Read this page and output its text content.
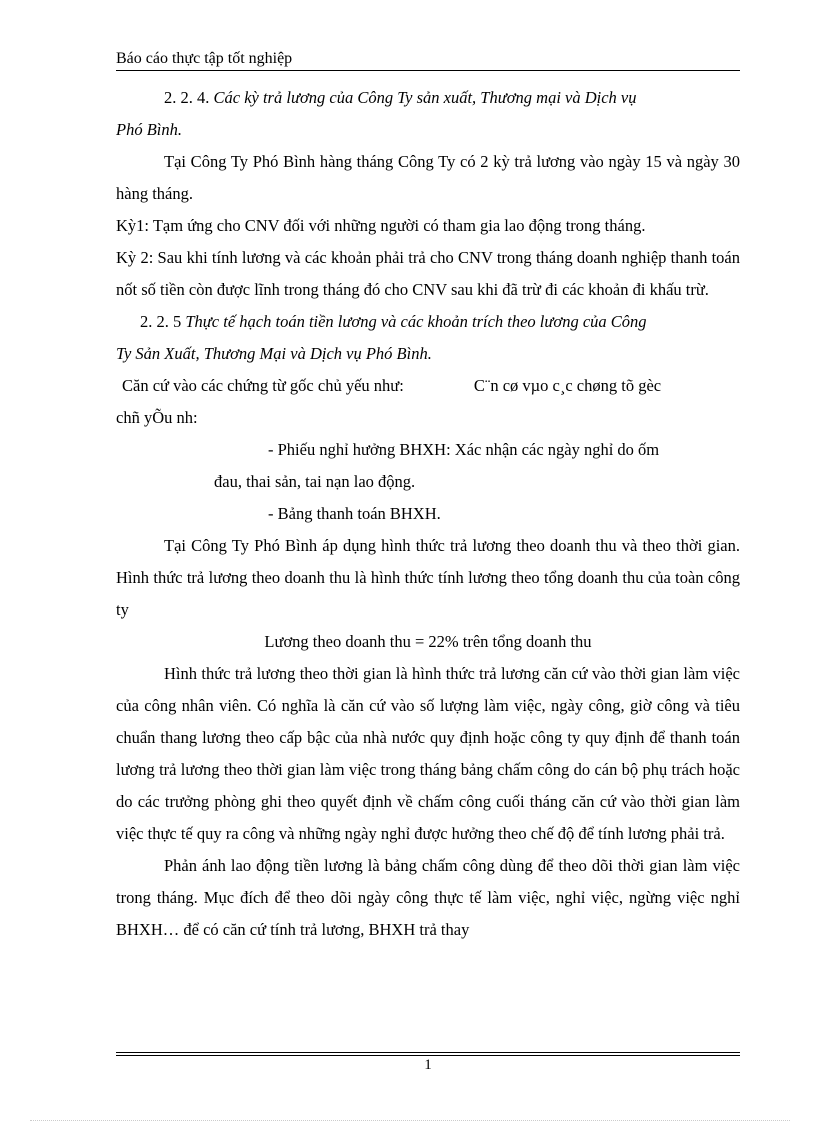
Báo cáo thực tập tốt nghiệp

2. 2. 4. Các kỳ trả lương của Công Ty sản xuất, Thương mại và Dịch vụ

Phó Bình.

Tại Công Ty Phó Bình hàng tháng Công Ty có 2 kỳ trả lương vào ngày 15 và ngày 30 hàng tháng.

Kỳ1: Tạm ứng cho CNV đối với những người có tham gia lao động trong tháng.

Kỳ 2: Sau khi tính lương và các khoản phải trả cho CNV trong tháng doanh nghiệp thanh toán nốt số tiền còn được lĩnh trong tháng đó cho CNV sau khi đã trừ đi các khoản đi khấu trừ.

2. 2. 5 Thực tế hạch toán tiền lương và các khoản trích theo lương của Công

Ty Sản Xuất, Thương Mại và Dịch vụ Phó Bình.

Căn cứ vào các chứng từ gốc chủ yếu như:	C¨n cø vµo c¸c chøng tõ gèc

chñ yÕu nh:

- Phiếu nghỉ hưởng BHXH: Xác nhận các ngày nghỉ do ốm

đau, thai sản, tai nạn lao động.

- Bảng thanh toán BHXH.

Tại Công Ty Phó Bình áp dụng hình thức trả lương theo doanh thu và theo thời gian. Hình thức trả lương theo doanh thu là hình thức tính lương theo tổng doanh thu của toàn công ty

Lương theo doanh thu = 22% trên tổng doanh thu

Hình thức trả lương theo thời gian là hình thức trả lương căn cứ vào thời gian làm việc của công nhân viên. Có nghĩa là căn cứ vào số lượng làm việc, ngày công, giờ công và tiêu chuẩn thang lương theo cấp bậc của nhà nước quy định hoặc công ty quy định để thanh toán lương trả lương theo thời gian làm việc trong tháng bảng chấm công do cán bộ phụ trách hoặc do các trưởng phòng ghi theo quyết định về chấm công cuối tháng căn cứ vào thời gian làm việc thực tế quy ra công và những ngày nghỉ được hưởng theo chế độ để tính lương phải trả.

Phản ánh lao động tiền lương là bảng chấm công dùng để theo dõi thời gian làm việc trong tháng. Mục đích để theo dõi ngày công thực tế làm việc, nghỉ việc, ngừng việc nghỉ BHXH… để có căn cứ tính trả lương, BHXH trả thay

1
